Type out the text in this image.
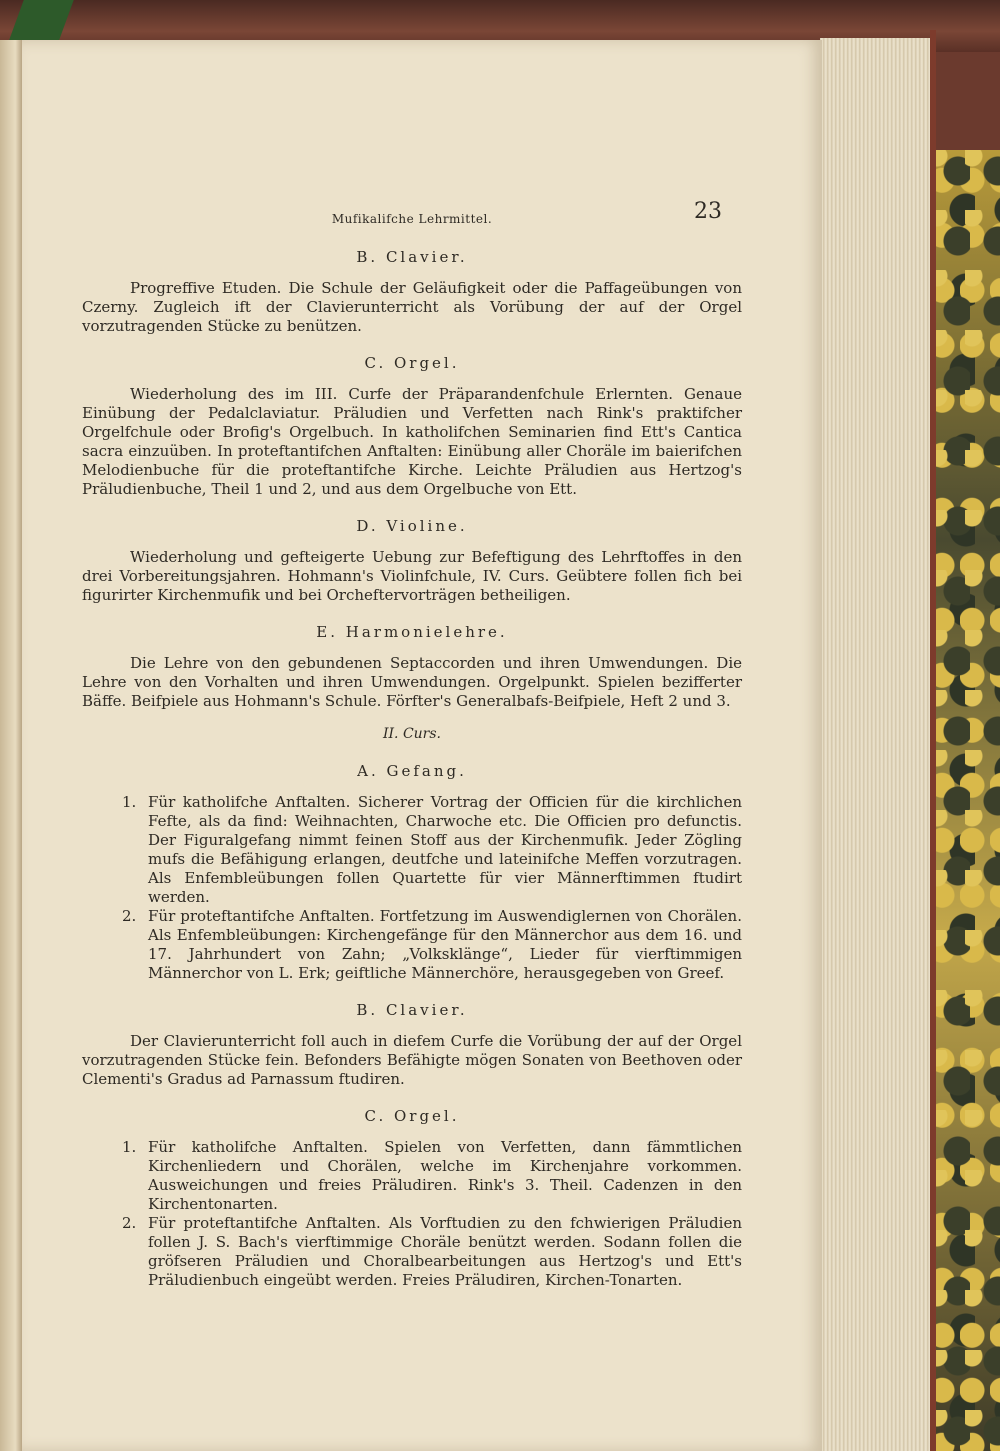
Mufikalifche Lehrmittel.	23
B. Clavier.

Progreffive Etuden. Die Schule der Geläufigkeit oder die Paffageübungen von Czerny. Zugleich ift der Clavierunterricht als Vorübung der auf der Orgel vorzutragenden Stücke zu benützen.

C. Orgel.

Wiederholung des im III. Curfe der Präparandenfchule Erlernten. Genaue Einübung der Pedalclaviatur. Präludien und Verfetten nach Rink's praktifcher Orgelfchule oder Brofig's Orgelbuch. In katholifchen Seminarien find Ett's Cantica sacra einzuüben. In proteftantifchen Anftalten: Einübung aller Choräle im baierifchen Melodienbuche für die proteftantifche Kirche. Leichte Präludien aus Hertzog's Präludienbuche, Theil 1 und 2, und aus dem Orgelbuche von Ett.

D. Violine.

Wiederholung und gefteigerte Uebung zur Befeftigung des Lehrftoffes in den drei Vorbereitungsjahren. Hohmann's Violinfchule, IV. Curs. Geübtere follen fich bei figurirter Kirchenmufik und bei Orcheftervorträgen betheiligen.

E. Harmonielehre.

Die Lehre von den gebundenen Septaccorden und ihren Umwendungen. Die Lehre von den Vorhalten und ihren Umwendungen. Orgelpunkt. Spielen bezifferter Bäffe. Beifpiele aus Hohmann's Schule. Förfter's Generalbafs-Beifpiele, Heft 2 und 3.

II. Curs.
A. Gefang.

1. Für katholifche Anftalten. Sicherer Vortrag der Officien für die kirchlichen Fefte, als da find: Weihnachten, Charwoche etc. Die Officien pro defunctis. Der Figuralgefang nimmt feinen Stoff aus der Kirchenmufik. Jeder Zögling mufs die Befähigung erlangen, deutfche und lateinifche Meffen vorzutragen. Als Enfembleübungen follen Quartette für vier Männerftimmen ftudirt werden.

2. Für proteftantifche Anftalten. Fortfetzung im Auswendiglernen von Chorälen. Als Enfembleübungen: Kirchengefänge für den Männerchor aus dem 16. und 17. Jahrhundert von Zahn; „Volksklänge“, Lieder für vierftimmigen Männerchor von L. Erk; geiftliche Männerchöre, herausgegeben von Greef.

B. Clavier.

Der Clavierunterricht foll auch in diefem Curfe die Vorübung der auf der Orgel vorzutragenden Stücke fein. Befonders Befähigte mögen Sonaten von Beethoven oder Clementi's Gradus ad Parnassum ftudiren.

C. Orgel.

1. Für katholifche Anftalten. Spielen von Verfetten, dann fämmtlichen Kirchenliedern und Chorälen, welche im Kirchenjahre vorkommen. Ausweichungen und freies Präludiren. Rink's 3. Theil. Cadenzen in den Kirchentonarten.

2. Für proteftantifche Anftalten. Als Vorftudien zu den fchwierigen Präludien follen J. S. Bach's vierftimmige Choräle benützt werden. Sodann follen die gröfseren Präludien und Choralbearbeitungen aus Hertzog's und Ett's Präludienbuch eingeübt werden. Freies Präludiren, Kirchen-Tonarten.
